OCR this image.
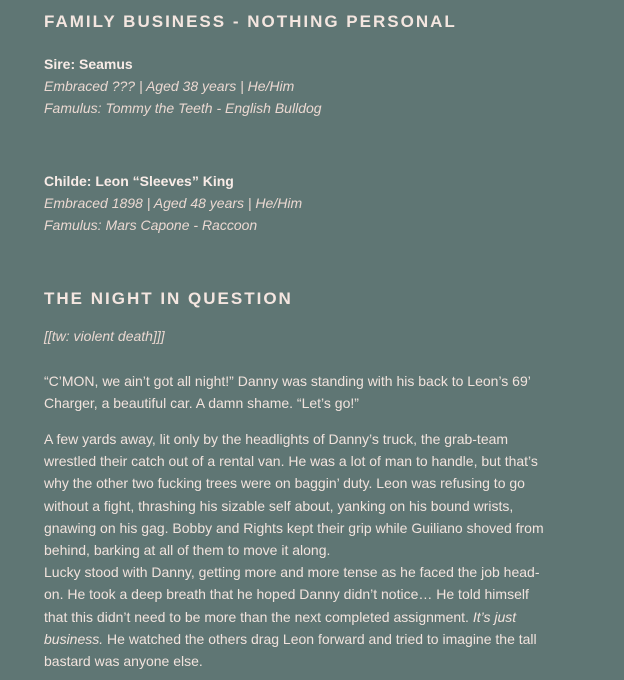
FAMILY BUSINESS - NOTHING PERSONAL
Sire: Seamus
Embraced ??? | Aged 38 years | He/Him
Famulus: Tommy the Teeth - English Bulldog
Childe: Leon “Sleeves” King
Embraced 1898 | Aged 48 years | He/Him
Famulus: Mars Capone - Raccoon
THE NIGHT IN QUESTION
[[tw: violent death]]]
“C’MON, we ain’t got all night!” Danny was standing with his back to Leon’s 69’
Charger, a beautiful car. A damn shame. “Let’s go!”
A few yards away, lit only by the headlights of Danny’s truck, the grab-team
wrestled their catch out of a rental van. He was a lot of man to handle, but that’s
why the other two fucking trees were on baggin’ duty. Leon was refusing to go
without a fight, thrashing his sizable self about, yanking on his bound wrists,
gnawing on his gag. Bobby and Rights kept their grip while Guiliano shoved from
behind, barking at all of them to move it along.
Lucky stood with Danny, getting more and more tense as he faced the job head-
on. He took a deep breath that he hoped Danny didn’t notice… He told himself
that this didn’t need to be more than the next completed assignment. It’s just
business. He watched the others drag Leon forward and tried to imagine the tall
bastard was anyone else.
